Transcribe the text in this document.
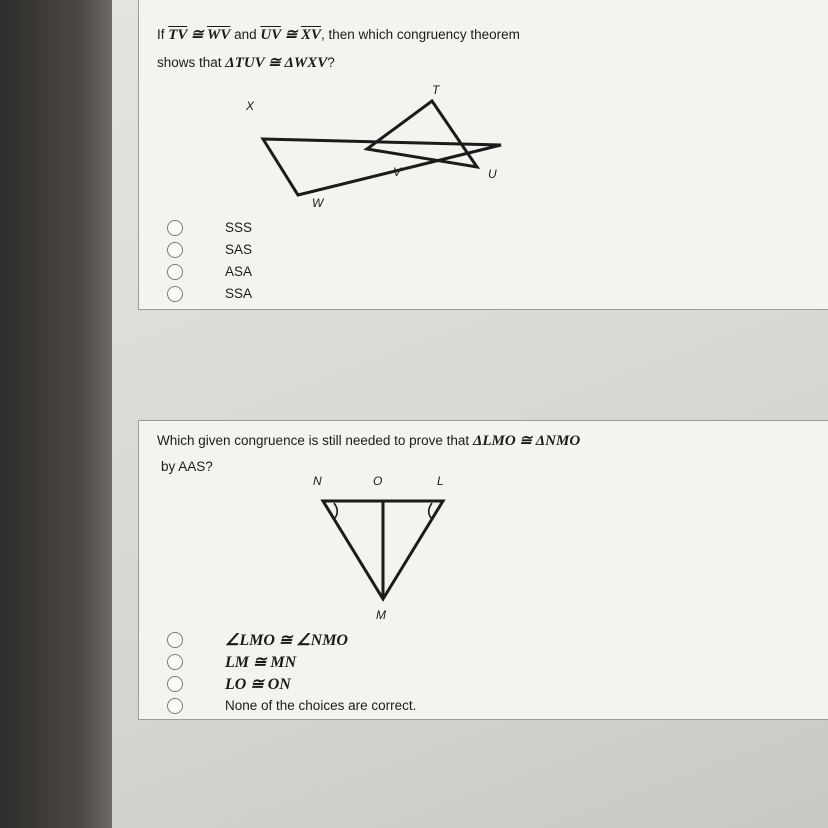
If $\overline{TV}$ ≅ $\overline{WV}$ and $\overline{UV}$ ≅ $\overline{XV}$, then which congruency theorem
shows that ΔTUV ≅ ΔWXV?
X
T
V	U
W
SSS
SAS
ASA
SSA
Which given congruence is still needed to prove that ΔLMO ≅ ΔNMO
by AAS?
N	O	L
M
∠LMO ≅ ∠NMO
LM ≅ MN
LO ≅ ON
None of the choices are correct.
